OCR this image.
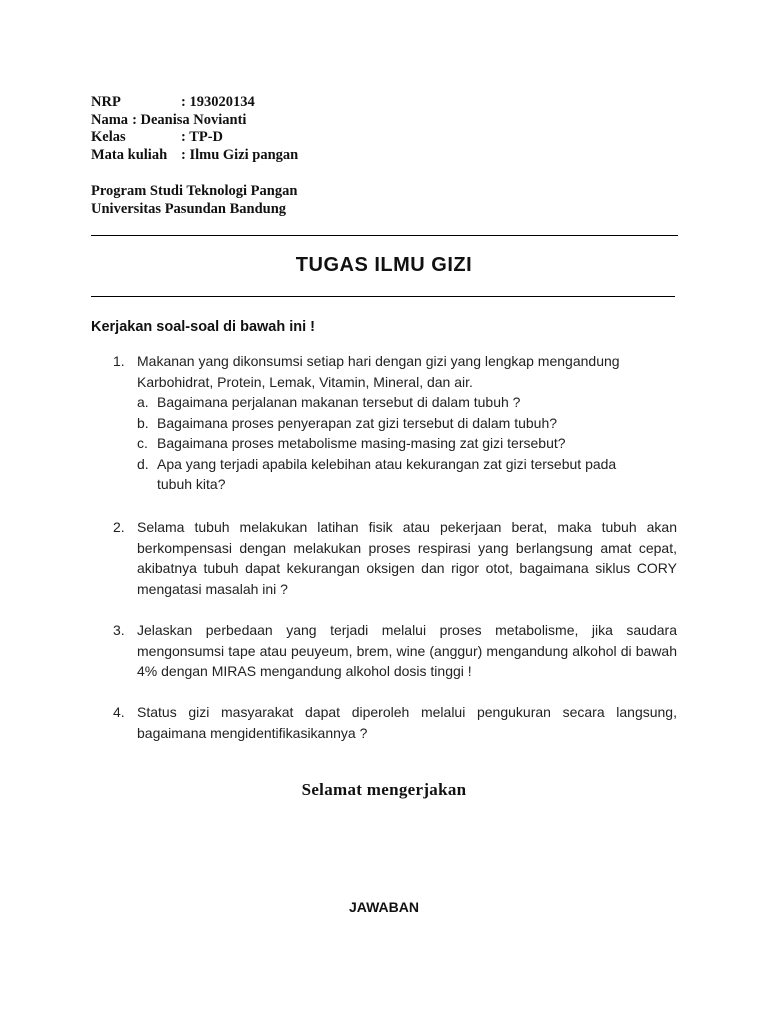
NRP	: 193020134
Nama : Deanisa Novianti
Kelas	: TP-D
Mata kuliah : Ilmu Gizi pangan
Program Studi Teknologi Pangan
Universitas Pasundan Bandung
TUGAS ILMU GIZI
Kerjakan soal-soal di bawah ini !
1. Makanan yang dikonsumsi setiap hari dengan gizi yang lengkap mengandung Karbohidrat, Protein, Lemak, Vitamin, Mineral, dan air.
a. Bagaimana perjalanan makanan tersebut di dalam tubuh ?
b. Bagaimana proses penyerapan zat gizi tersebut di dalam tubuh?
c. Bagaimana proses metabolisme masing-masing zat gizi tersebut?
d. Apa yang terjadi apabila kelebihan atau kekurangan zat gizi tersebut pada tubuh kita?
2. Selama tubuh melakukan latihan fisik atau pekerjaan berat, maka tubuh akan berkompensasi dengan melakukan proses respirasi yang berlangsung amat cepat, akibatnya tubuh dapat kekurangan oksigen dan rigor otot, bagaimana siklus CORY mengatasi masalah ini ?
3. Jelaskan perbedaan yang terjadi melalui proses metabolisme, jika saudara mengonsumsi tape atau peuyeum, brem, wine (anggur) mengandung alkohol di bawah 4% dengan MIRAS mengandung alkohol dosis tinggi !
4. Status gizi masyarakat dapat diperoleh melalui pengukuran secara langsung, bagaimana mengidentifikasikannya ?
Selamat mengerjakan
JAWABAN
